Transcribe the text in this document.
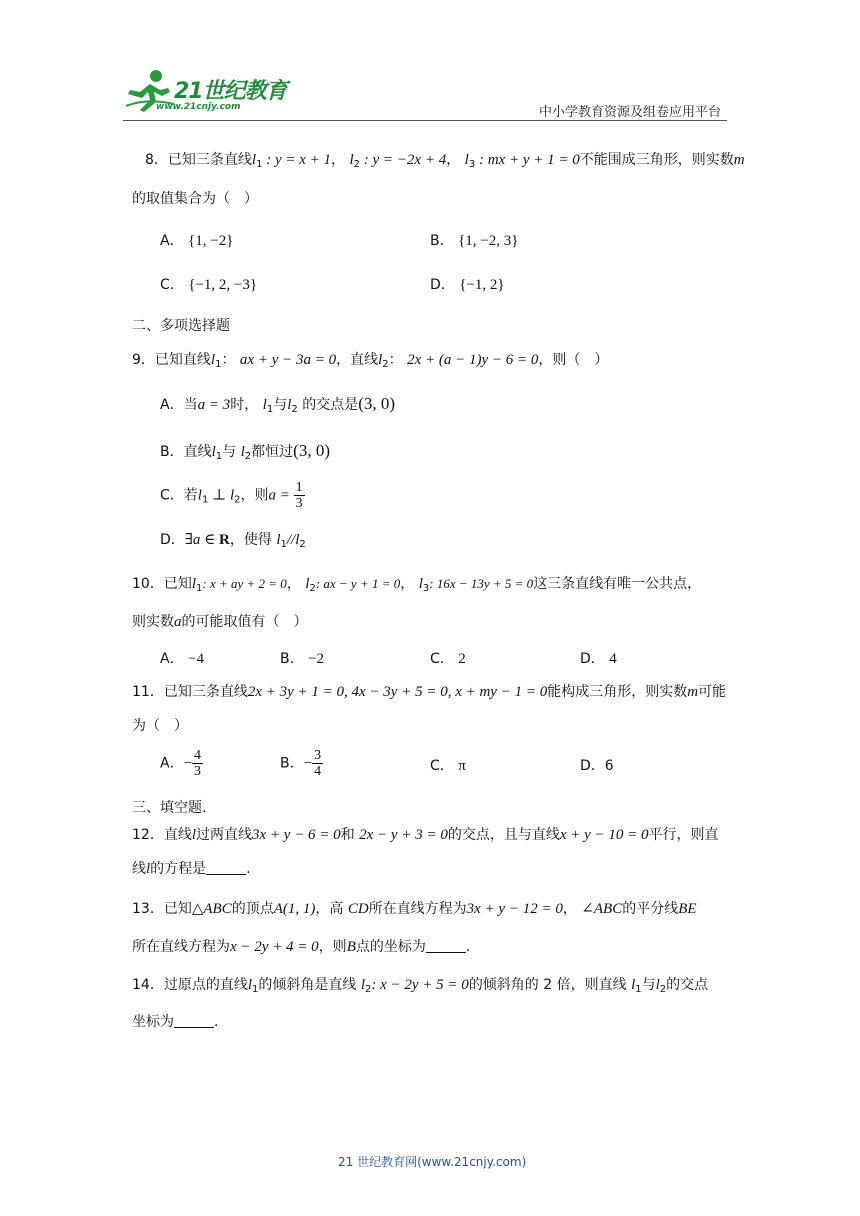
21世纪教育
www.21cnjy.com	中小学教育资源及组卷应用平台
8．已知三条直线$l_1$ : y = x + 1， $l_2$ : y = −2x + 4， $l_3$ : mx + y + 1 = 0不能围成三角形，则实数m
的取值集合为（　）
A． {1, −2}	B． {1, −2, 3}
C． {−1, 2, −3}	D． {−1, 2}
二、多项选择题
9．已知直线$l_1$： ax + y − 3a = 0，直线$l_2$： 2x + (a − 1)y − 6 = 0，则（　）
A．当a = 3时， $l_1$与$l_2$ 的交点是(3, 0)
B．直线$l_1$与 $l_2$都恒过(3, 0)
C．若$l_1$ ⊥ $l_2$，则$a = \frac{1}{3}$
D．∃a ∈ R，使得 $l_1//l_2$
10．已知$l_1$: x + ay + 2 = 0， $l_2$: ax − y + 1 = 0， $l_3$: 16x − 13y + 5 = 0这三条直线有唯一公共点，
则实数a的可能取值有（　）
A． −4	B． −2	C． 2	D． 4
11．已知三条直线2x + 3y + 1 = 0, 4x − 3y + 5 = 0, x + my − 1 = 0能构成三角形，则实数m可能
为（　）
A．− $\frac{4}{3}$	B．− $\frac{3}{4}$	C． π	D．6
三、填空题.
12．直线l过两直线3x + y − 6 = 0和 2x − y + 3 = 0的交点，且与直线x + y − 10 = 0平行，则直
线l的方程是	.
13．已知△ABC的顶点A(1, 1)，高 CD所在直线方程为3x + y − 12 = 0， ∠ABC的平分线BE
所在直线方程为x − 2y + 4 = 0，则B点的坐标为	.
14．过原点的直线$l_1$的倾斜角是直线 $l_2$: x − 2y + 5 = 0的倾斜角的 2 倍，则直线 $l_1$与$l_2$的交点
坐标为	.
21 世纪教育网(www.21cnjy.com)
